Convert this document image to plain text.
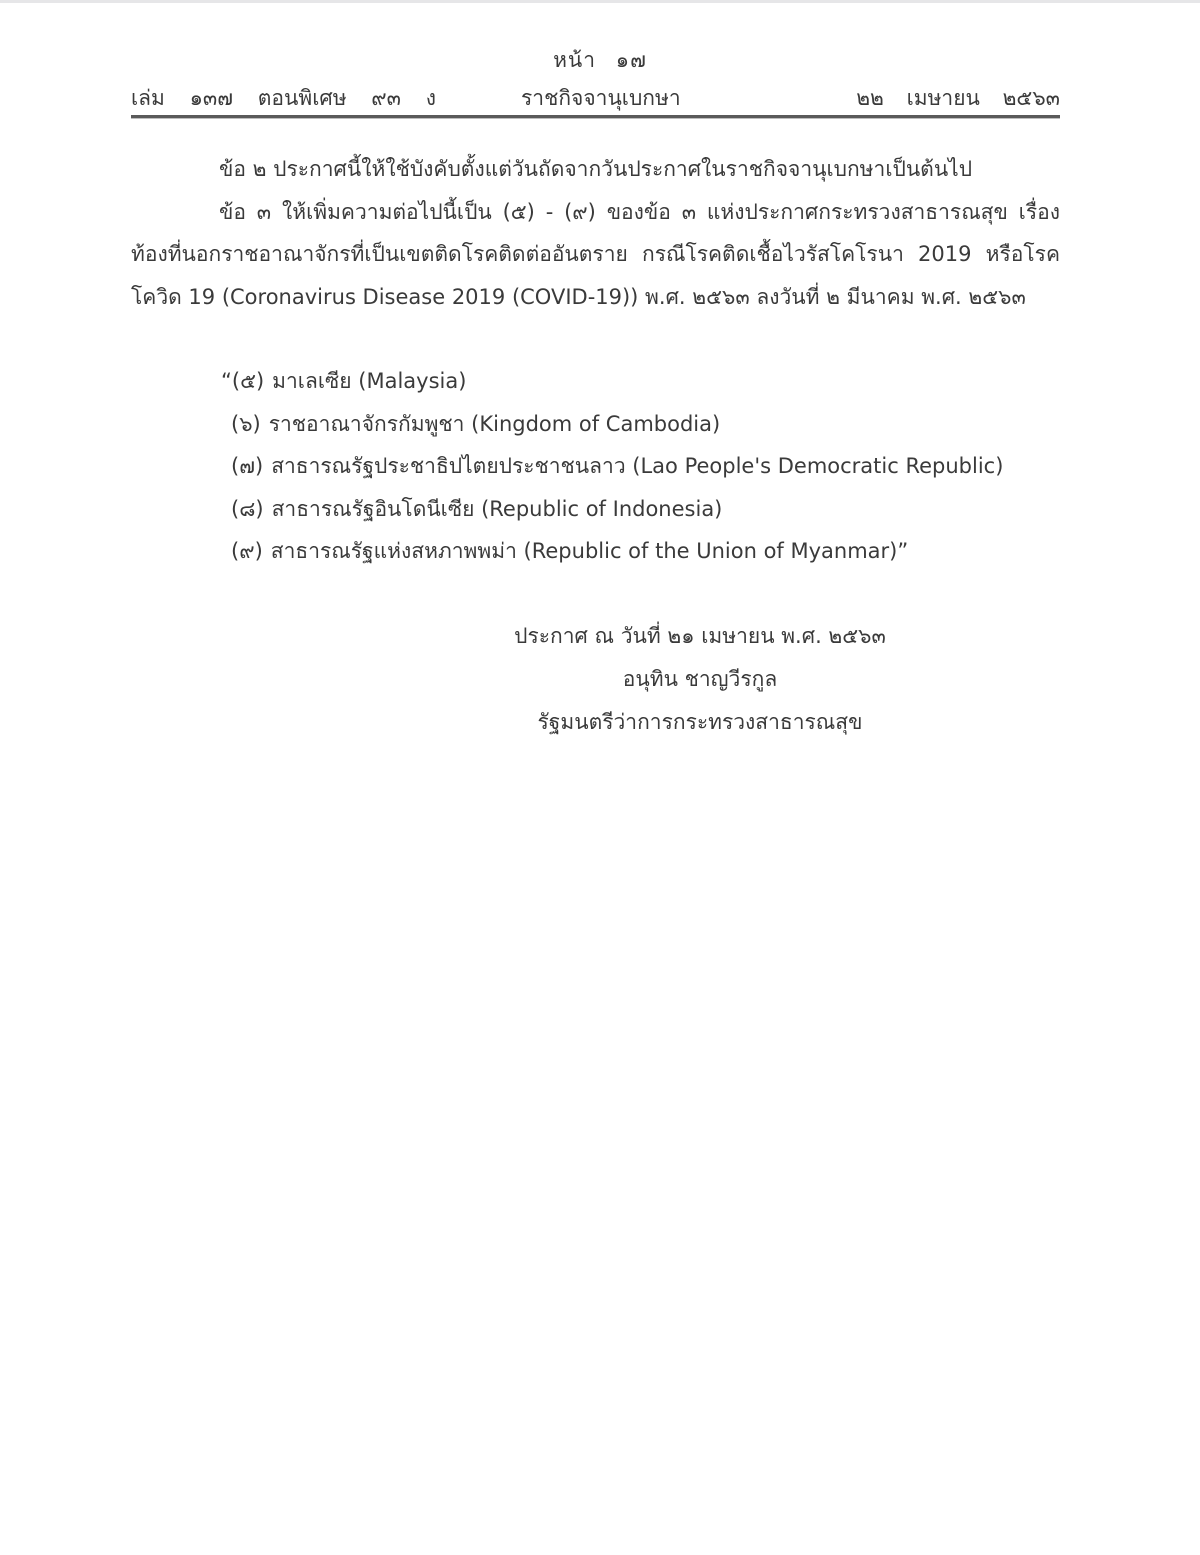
หน้า ๑๗
เล่ม ๑๓๗ ตอนพิเศษ ๙๓ ง	ราชกิจจานุเบกษา	๒๒ เมษายน ๒๕๖๓

ข้อ ๒ ประกาศนี้ให้ใช้บังคับตั้งแต่วันถัดจากวันประกาศในราชกิจจานุเบกษาเป็นต้นไป

ข้อ ๓ ให้เพิ่มความต่อไปนี้เป็น (๕) - (๙) ของข้อ ๓ แห่งประกาศกระทรวงสาธารณสุข เรื่อง ท้องที่นอกราชอาณาจักรที่เป็นเขตติดโรคติดต่ออันตราย กรณีโรคติดเชื้อไวรัสโคโรนา 2019 หรือโรคโควิด 19 (Coronavirus Disease 2019 (COVID-19)) พ.ศ. ๒๕๖๓ ลงวันที่ ๒ มีนาคม พ.ศ. ๒๕๖๓

“(๕) มาเลเซีย (Malaysia)
(๖) ราชอาณาจักรกัมพูชา (Kingdom of Cambodia)
(๗) สาธารณรัฐประชาธิปไตยประชาชนลาว (Lao People's Democratic Republic)
(๘) สาธารณรัฐอินโดนีเซีย (Republic of Indonesia)
(๙) สาธารณรัฐแห่งสหภาพพม่า (Republic of the Union of Myanmar)”
ประกาศ ณ วันที่ ๒๑ เมษายน พ.ศ. ๒๕๖๓
อนุทิน ชาญวีรกูล
รัฐมนตรีว่าการกระทรวงสาธารณสุข
